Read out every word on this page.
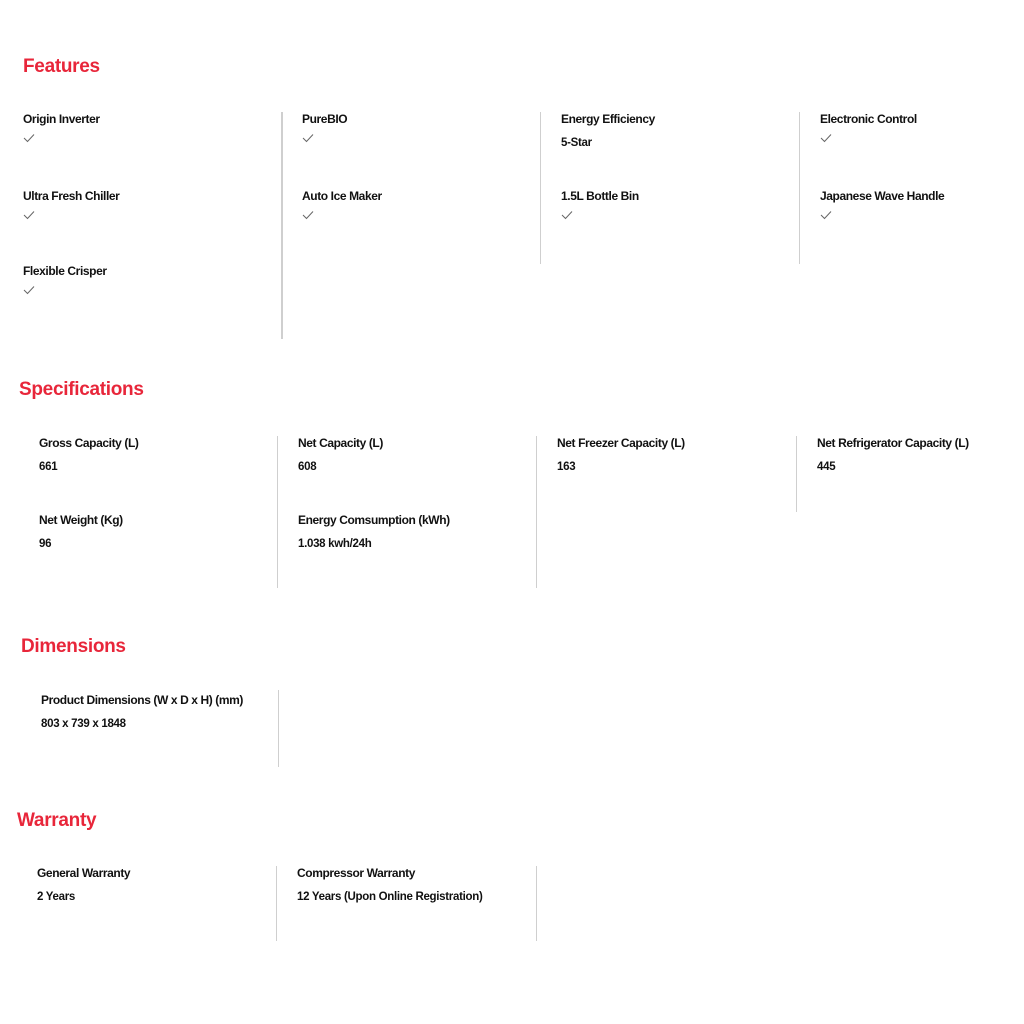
Features
Origin Inverter
Ultra Fresh Chiller
Flexible Crisper
PureBIO
Auto Ice Maker
Energy Efficiency
5-Star
1.5L Bottle Bin
Electronic Control
Japanese Wave Handle
Specifications
Gross Capacity (L)
661
Net Weight (Kg)
96
Net Capacity (L)
608
Energy Comsumption (kWh)
1.038 kwh/24h
Net Freezer Capacity (L)
163
Net Refrigerator Capacity (L)
445
Dimensions
Product Dimensions (W x D x H) (mm)
803 x 739 x 1848
Warranty
General Warranty
2 Years
Compressor Warranty
12 Years (Upon Online Registration)
